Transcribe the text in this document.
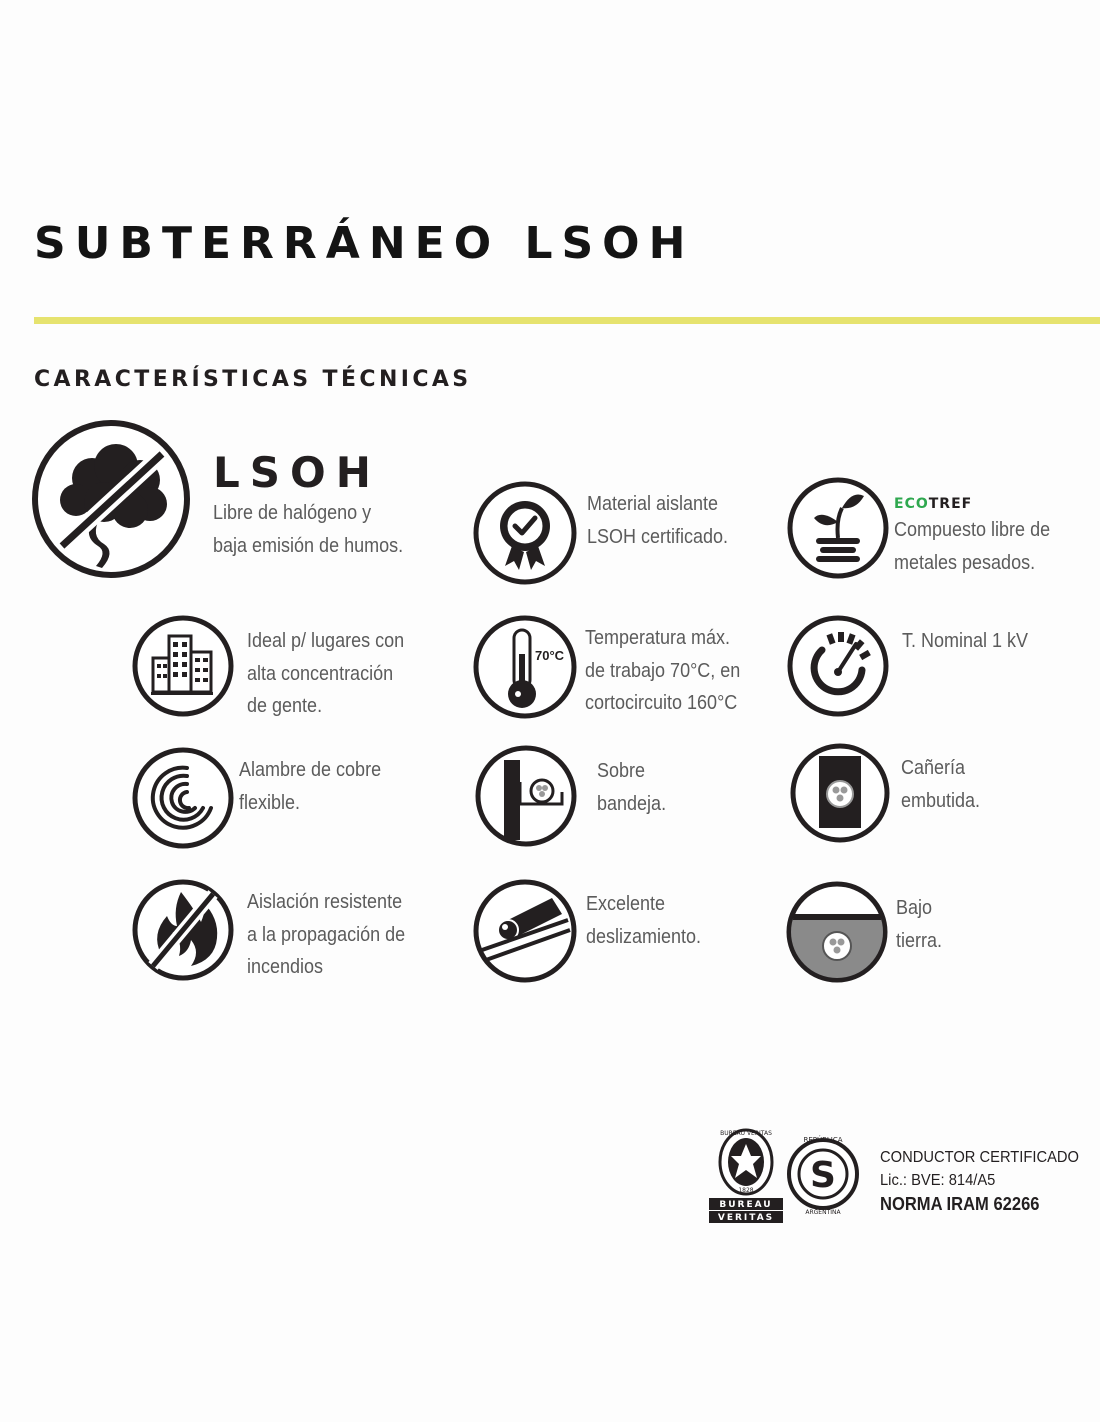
SUBTERRÁNEO LSOH
CARACTERÍSTICAS TÉCNICAS
LSOH
Libre de halógeno y
baja emisión de humos.
Material aislante
LSOH certificado.
ECOTREF
Compuesto libre de
metales pesados.
Ideal p/ lugares con
alta concentración
de gente.
70°C
Temperatura máx.
de trabajo 70°C, en
cortocircuito 160°C
T. Nominal 1 kV
Alambre de cobre
flexible.
Sobre
bandeja.
Cañería
embutida.
Aislación resistente
a la propagación de
incendios
Excelente
deslizamiento.
Bajo
tierra.
BUREAU VERITAS
1828
BUREAU
VERITAS
S
REPÚBLICA
ARGENTINA
CONDUCTOR CERTIFICADO
Lic.: BVE: 814/A5
NORMA IRAM 62266
